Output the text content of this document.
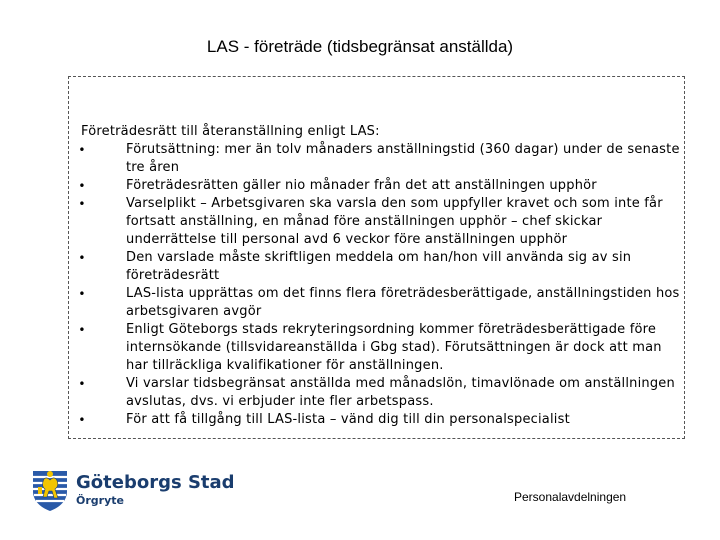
LAS - företräde (tidsbegränsat anställda)
Företrädesrätt till återanställning enligt LAS:
•	Förutsättning: mer än tolv månaders anställningstid (360 dagar) under de senaste tre åren
•	Företrädesrätten gäller nio månader från det att anställningen upphör
•	Varselplikt – Arbetsgivaren ska varsla den som uppfyller kravet och som inte får fortsatt anställning, en månad före anställningen upphör – chef skickar underrättelse till personal avd 6 veckor före anställningen upphör
•	Den varslade måste skriftligen meddela om han/hon vill använda sig av sin företrädesrätt
•	LAS-lista upprättas om det finns flera företrädesberättigade, anställningstiden hos arbetsgivaren avgör
•	Enligt Göteborgs stads rekryteringsordning kommer företrädesberättigade före internsökande (tillsvidareanställda i Gbg stad). Förutsättningen är dock att man har tillräckliga kvalifikationer för anställningen.
•	Vi varslar tidsbegränsat anställda med månadslön, timavlönade om anställningen avslutas, dvs. vi erbjuder inte fler arbetspass.
•	För att få tillgång till LAS-lista – vänd dig till din personalspecialist
Göteborgs Stad
Örgryte	Personalavdelningen
